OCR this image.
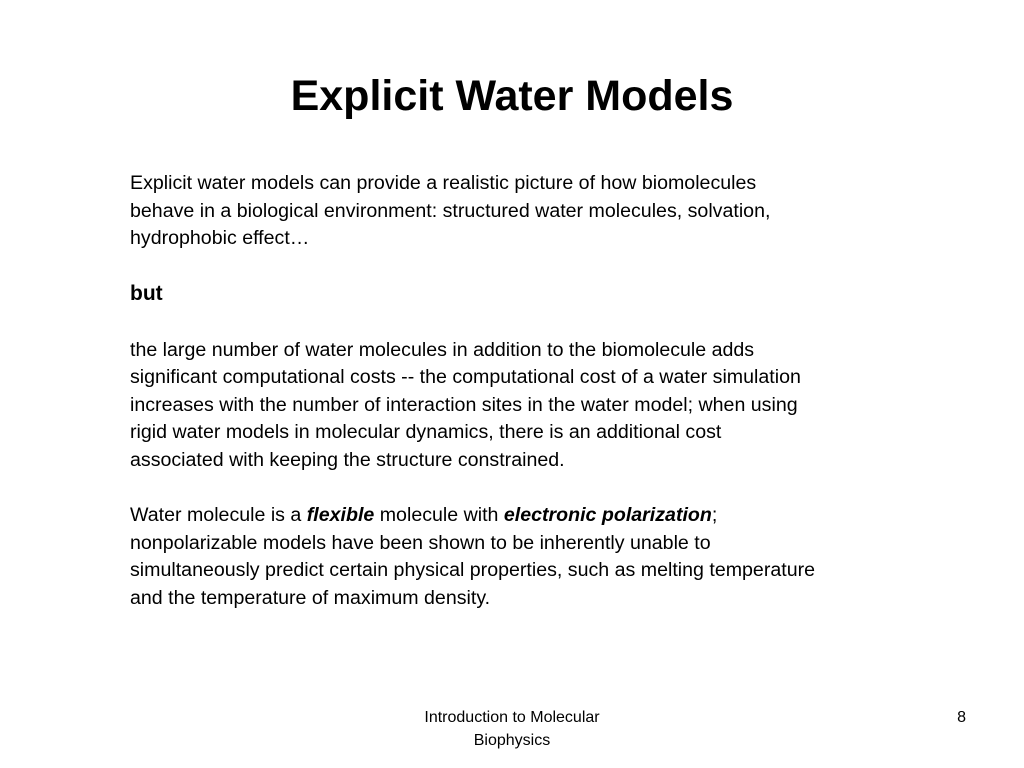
Explicit Water Models

Explicit water models can provide a realistic picture of how biomolecules
behave in a biological environment: structured water molecules, solvation,
hydrophobic effect…

but

the large number of water molecules in addition to the biomolecule adds
significant computational costs -- the computational cost of a water simulation
increases with the number of interaction sites in the water model; when using
rigid water models in molecular dynamics, there is an additional cost
associated with keeping the structure constrained.

Water molecule is a flexible molecule with electronic polarization;
nonpolarizable models have been shown to be inherently unable to
simultaneously predict certain physical properties, such as melting temperature
and the temperature of maximum density.

Introduction to Molecular
Biophysics
8
